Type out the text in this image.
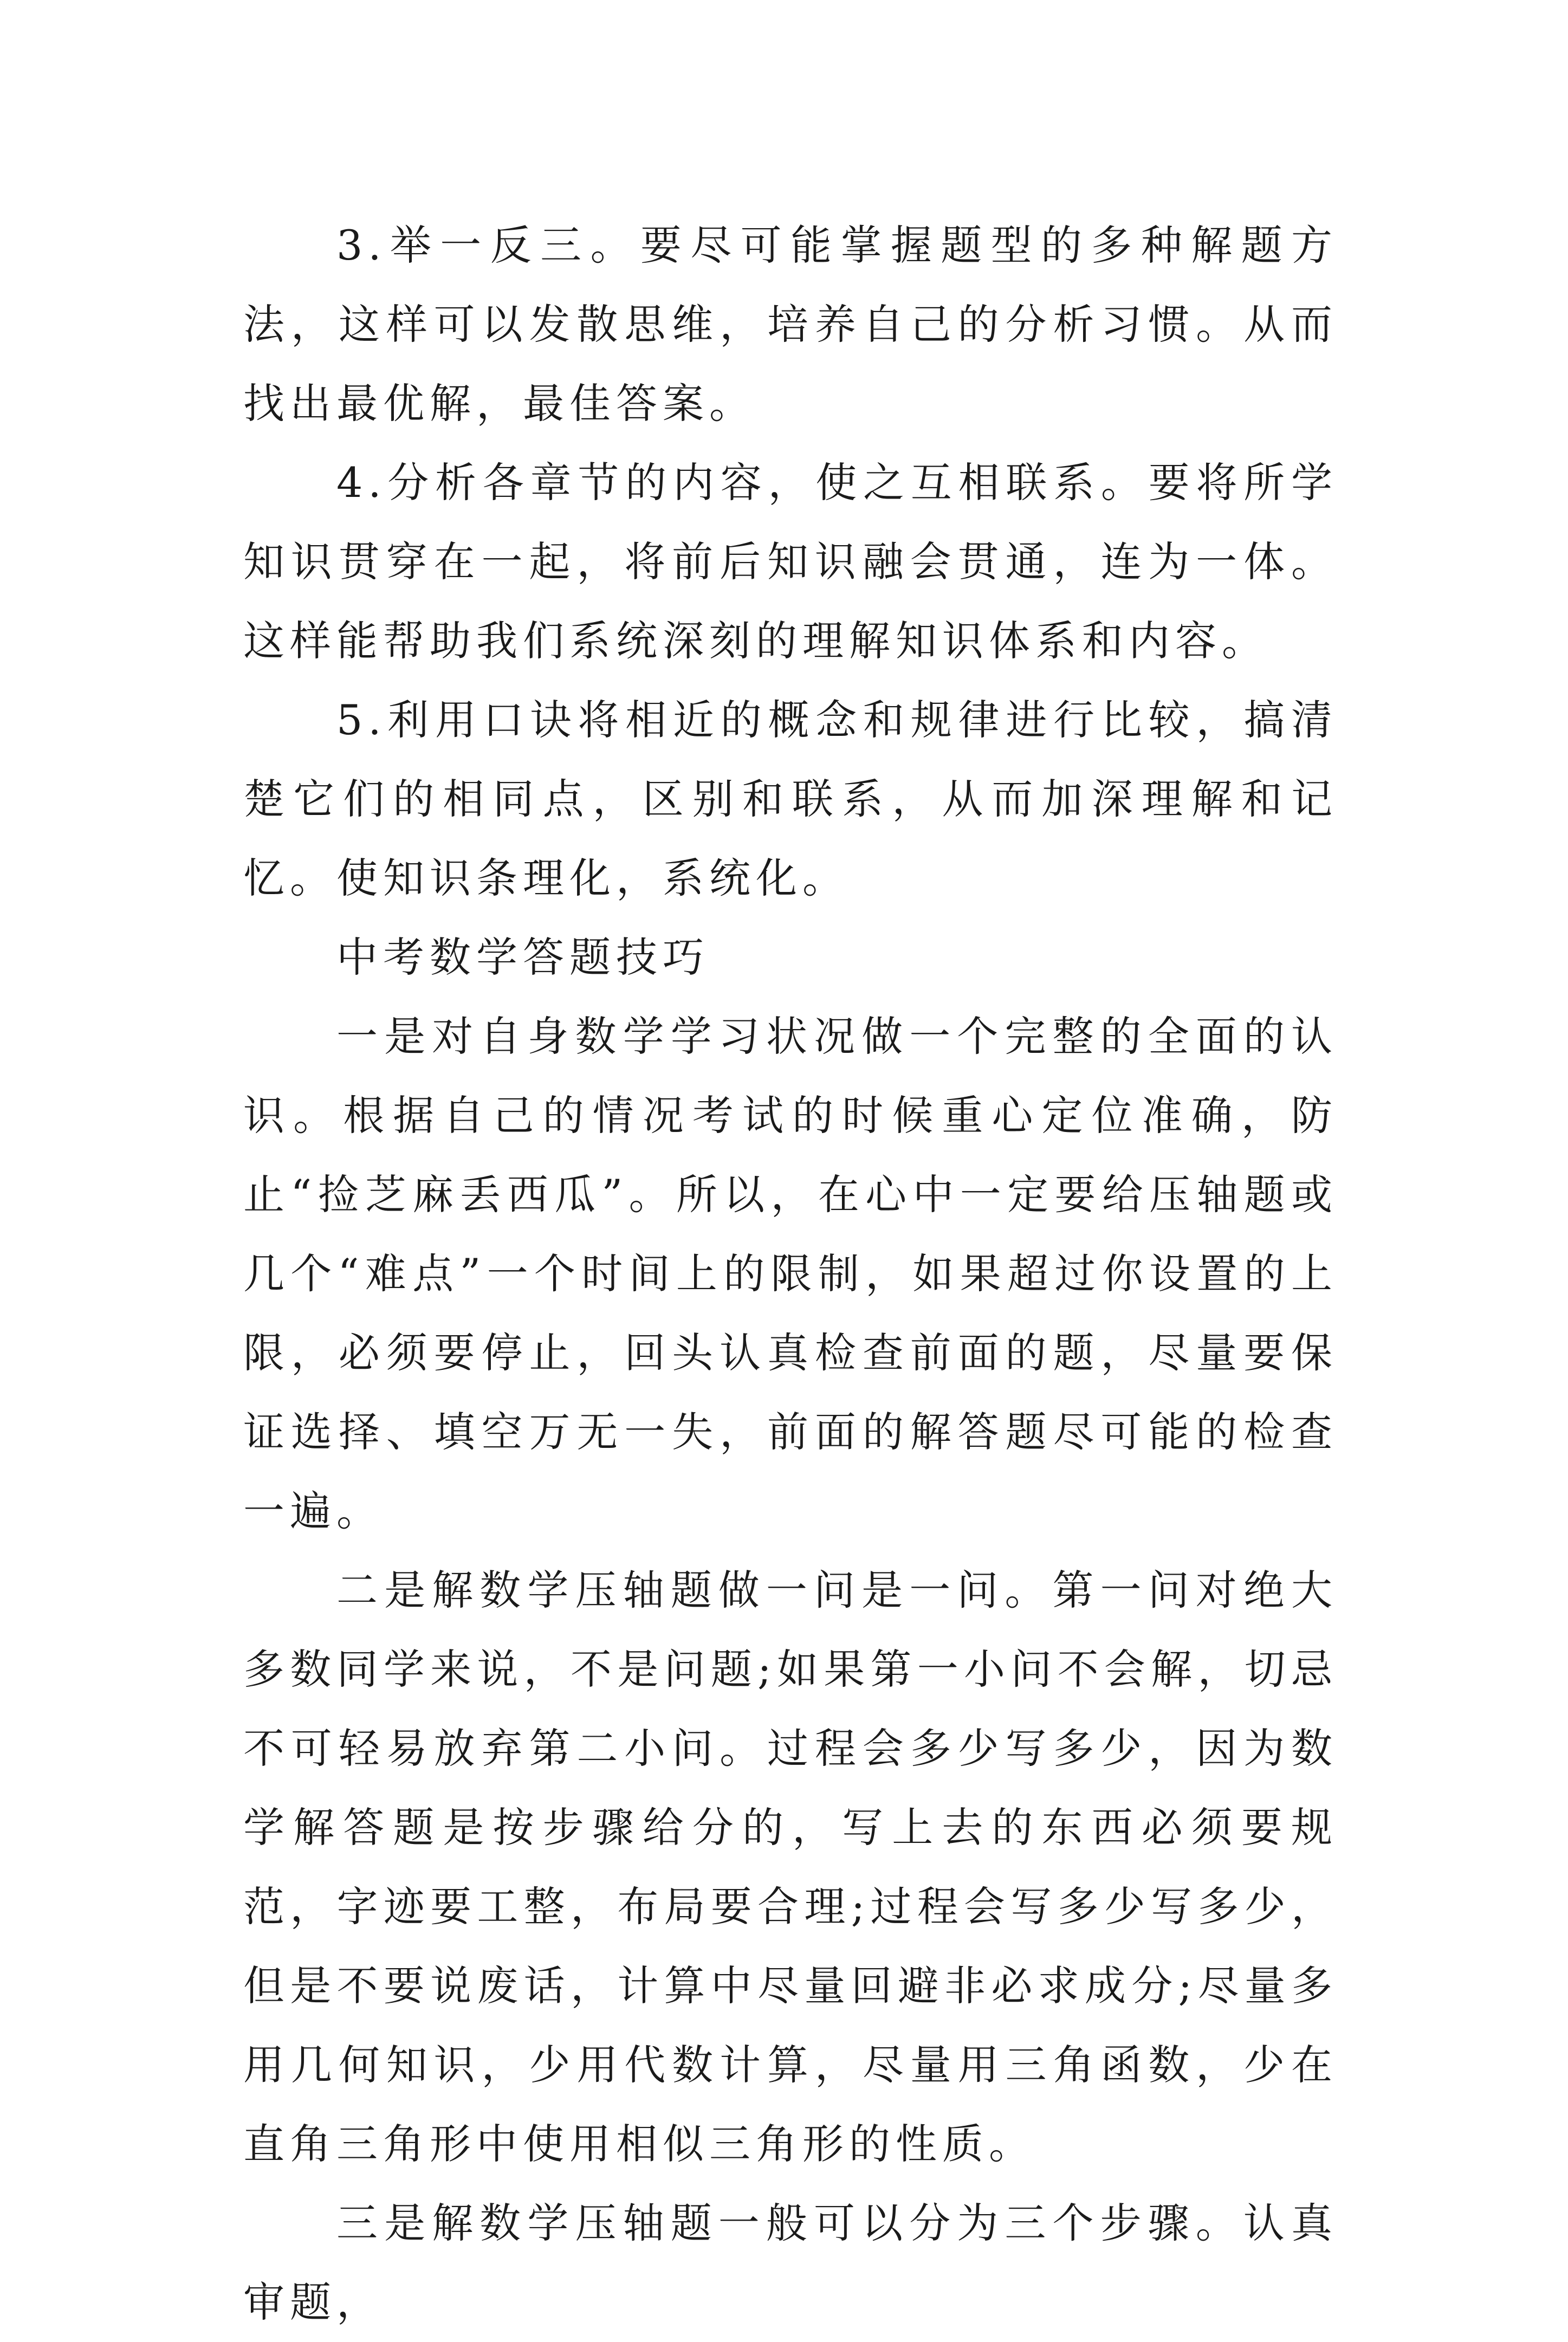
3.举一反三。要尽可能掌握题型的多种解题方法，这样可以发散思维，培养自己的分析习惯。从而找出最优解，最佳答案。

4.分析各章节的内容，使之互相联系。要将所学知识贯穿在一起，将前后知识融会贯通，连为一体。这样能帮助我们系统深刻的理解知识体系和内容。

5.利用口诀将相近的概念和规律进行比较，搞清楚它们的相同点，区别和联系，从而加深理解和记忆。使知识条理化，系统化。

中考数学答题技巧

一是对自身数学学习状况做一个完整的全面的认识。根据自己的情况考试的时候重心定位准确，防止“捡芝麻丢西瓜”。所以，在心中一定要给压轴题或几个“难点”一个时间上的限制，如果超过你设置的上限，必须要停止，回头认真检查前面的题，尽量要保证选择、填空万无一失，前面的解答题尽可能的检查一遍。

二是解数学压轴题做一问是一问。第一问对绝大多数同学来说，不是问题;如果第一小问不会解，切忌不可轻易放弃第二小问。过程会多少写多少，因为数学解答题是按步骤给分的，写上去的东西必须要规范，字迹要工整，布局要合理;过程会写多少写多少，但是不要说废话，计算中尽量回避非必求成分;尽量多用几何知识，少用代数计算，尽量用三角函数，少在直角三角形中使用相似三角形的性质。

三是解数学压轴题一般可以分为三个步骤。认真审题，
